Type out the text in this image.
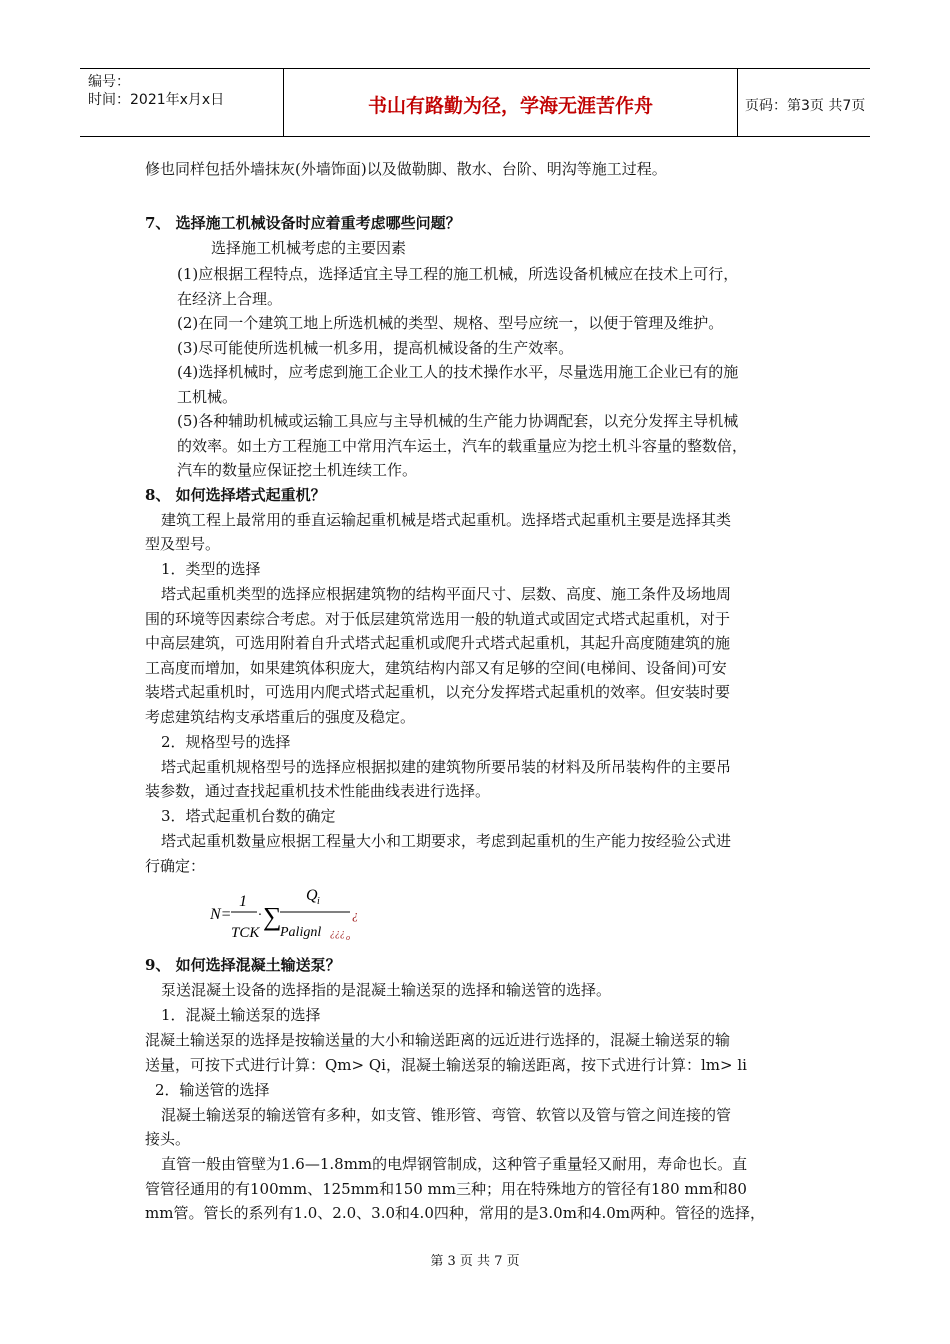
编号：
时间：2021年x月x日	书山有路勤为径，学海无涯苦作舟	页码：第3页 共7页
修也同样包括外墙抹灰(外墙饰面)以及做勒脚、散水、台阶、明沟等施工过程。
7、 选择施工机械设备时应着重考虑哪些问题？
选择施工机械考虑的主要因素
(1)应根据工程特点，选择适宜主导工程的施工机械，所选设备机械应在技术上可行，
在经济上合理。
(2)在同一个建筑工地上所选机械的类型、规格、型号应统一，以便于管理及维护。
(3)尽可能使所选机械一机多用，提高机械设备的生产效率。
(4)选择机械时，应考虑到施工企业工人的技术操作水平，尽量选用施工企业已有的施
工机械。
(5)各种辅助机械或运输工具应与主导机械的生产能力协调配套，以充分发挥主导机械
的效率。如土方工程施工中常用汽车运土，汽车的载重量应为挖土机斗容量的整数倍，
汽车的数量应保证挖土机连续工作。
8、 如何选择塔式起重机？
建筑工程上最常用的垂直运输起重机械是塔式起重机。选择塔式起重机主要是选择其类
型及型号。
1．类型的选择
塔式起重机类型的选择应根据建筑物的结构平面尺寸、层数、高度、施工条件及场地周
围的环境等因素综合考虑。对于低层建筑常选用一般的轨道式或固定式塔式起重机，对于
中高层建筑，可选用附着自升式塔式起重机或爬升式塔式起重机，其起升高度随建筑的施
工高度而增加，如果建筑体积庞大，建筑结构内部又有足够的空间(电梯间、设备间)可安
装塔式起重机时，可选用内爬式塔式起重机，以充分发挥塔式起重机的效率。但安装时要
考虑建筑结构支承塔重后的强度及稳定。
2．规格型号的选择
塔式起重机规格型号的选择应根据拟建的建筑物所要吊装的材料及所吊装构件的主要吊
装参数，通过查找起重机技术性能曲线表进行选择。
3．塔式起重机台数的确定
塔式起重机数量应根据工程量大小和工期要求，考虑到起重机的生产能力按经验公式进
行确定：
9、 如何选择混凝土输送泵？
泵送混凝土设备的选择指的是混凝土输送泵的选择和输送管的选择。
1．混凝土输送泵的选择
混凝土输送泵的选择是按输送量的大小和输送距离的远近进行选择的，混凝土输送泵的输
送量，可按下式进行计算：Qm> Qi，混凝土输送泵的输送距离，按下式进行计算：lm> li
2．输送管的选择
混凝土输送泵的输送管有多种，如支管、锥形管、弯管、软管以及管与管之间连接的管
接头。
直管一般由管壁为1.6—1.8mm的电焊钢管制成，这种管子重量轻又耐用，寿命也长。直
管管径通用的有100mm、125mm和150 mm三种；用在特殊地方的管径有180 mm和80
mm管。管长的系列有1.0、2.0、3.0和4.0四种，常用的是3.0m和4.0m两种。管径的选择，
N=
1
TCK
· ∑
Q i
Palignl ¿¿¿ o
¿
第 3 页 共 7 页
